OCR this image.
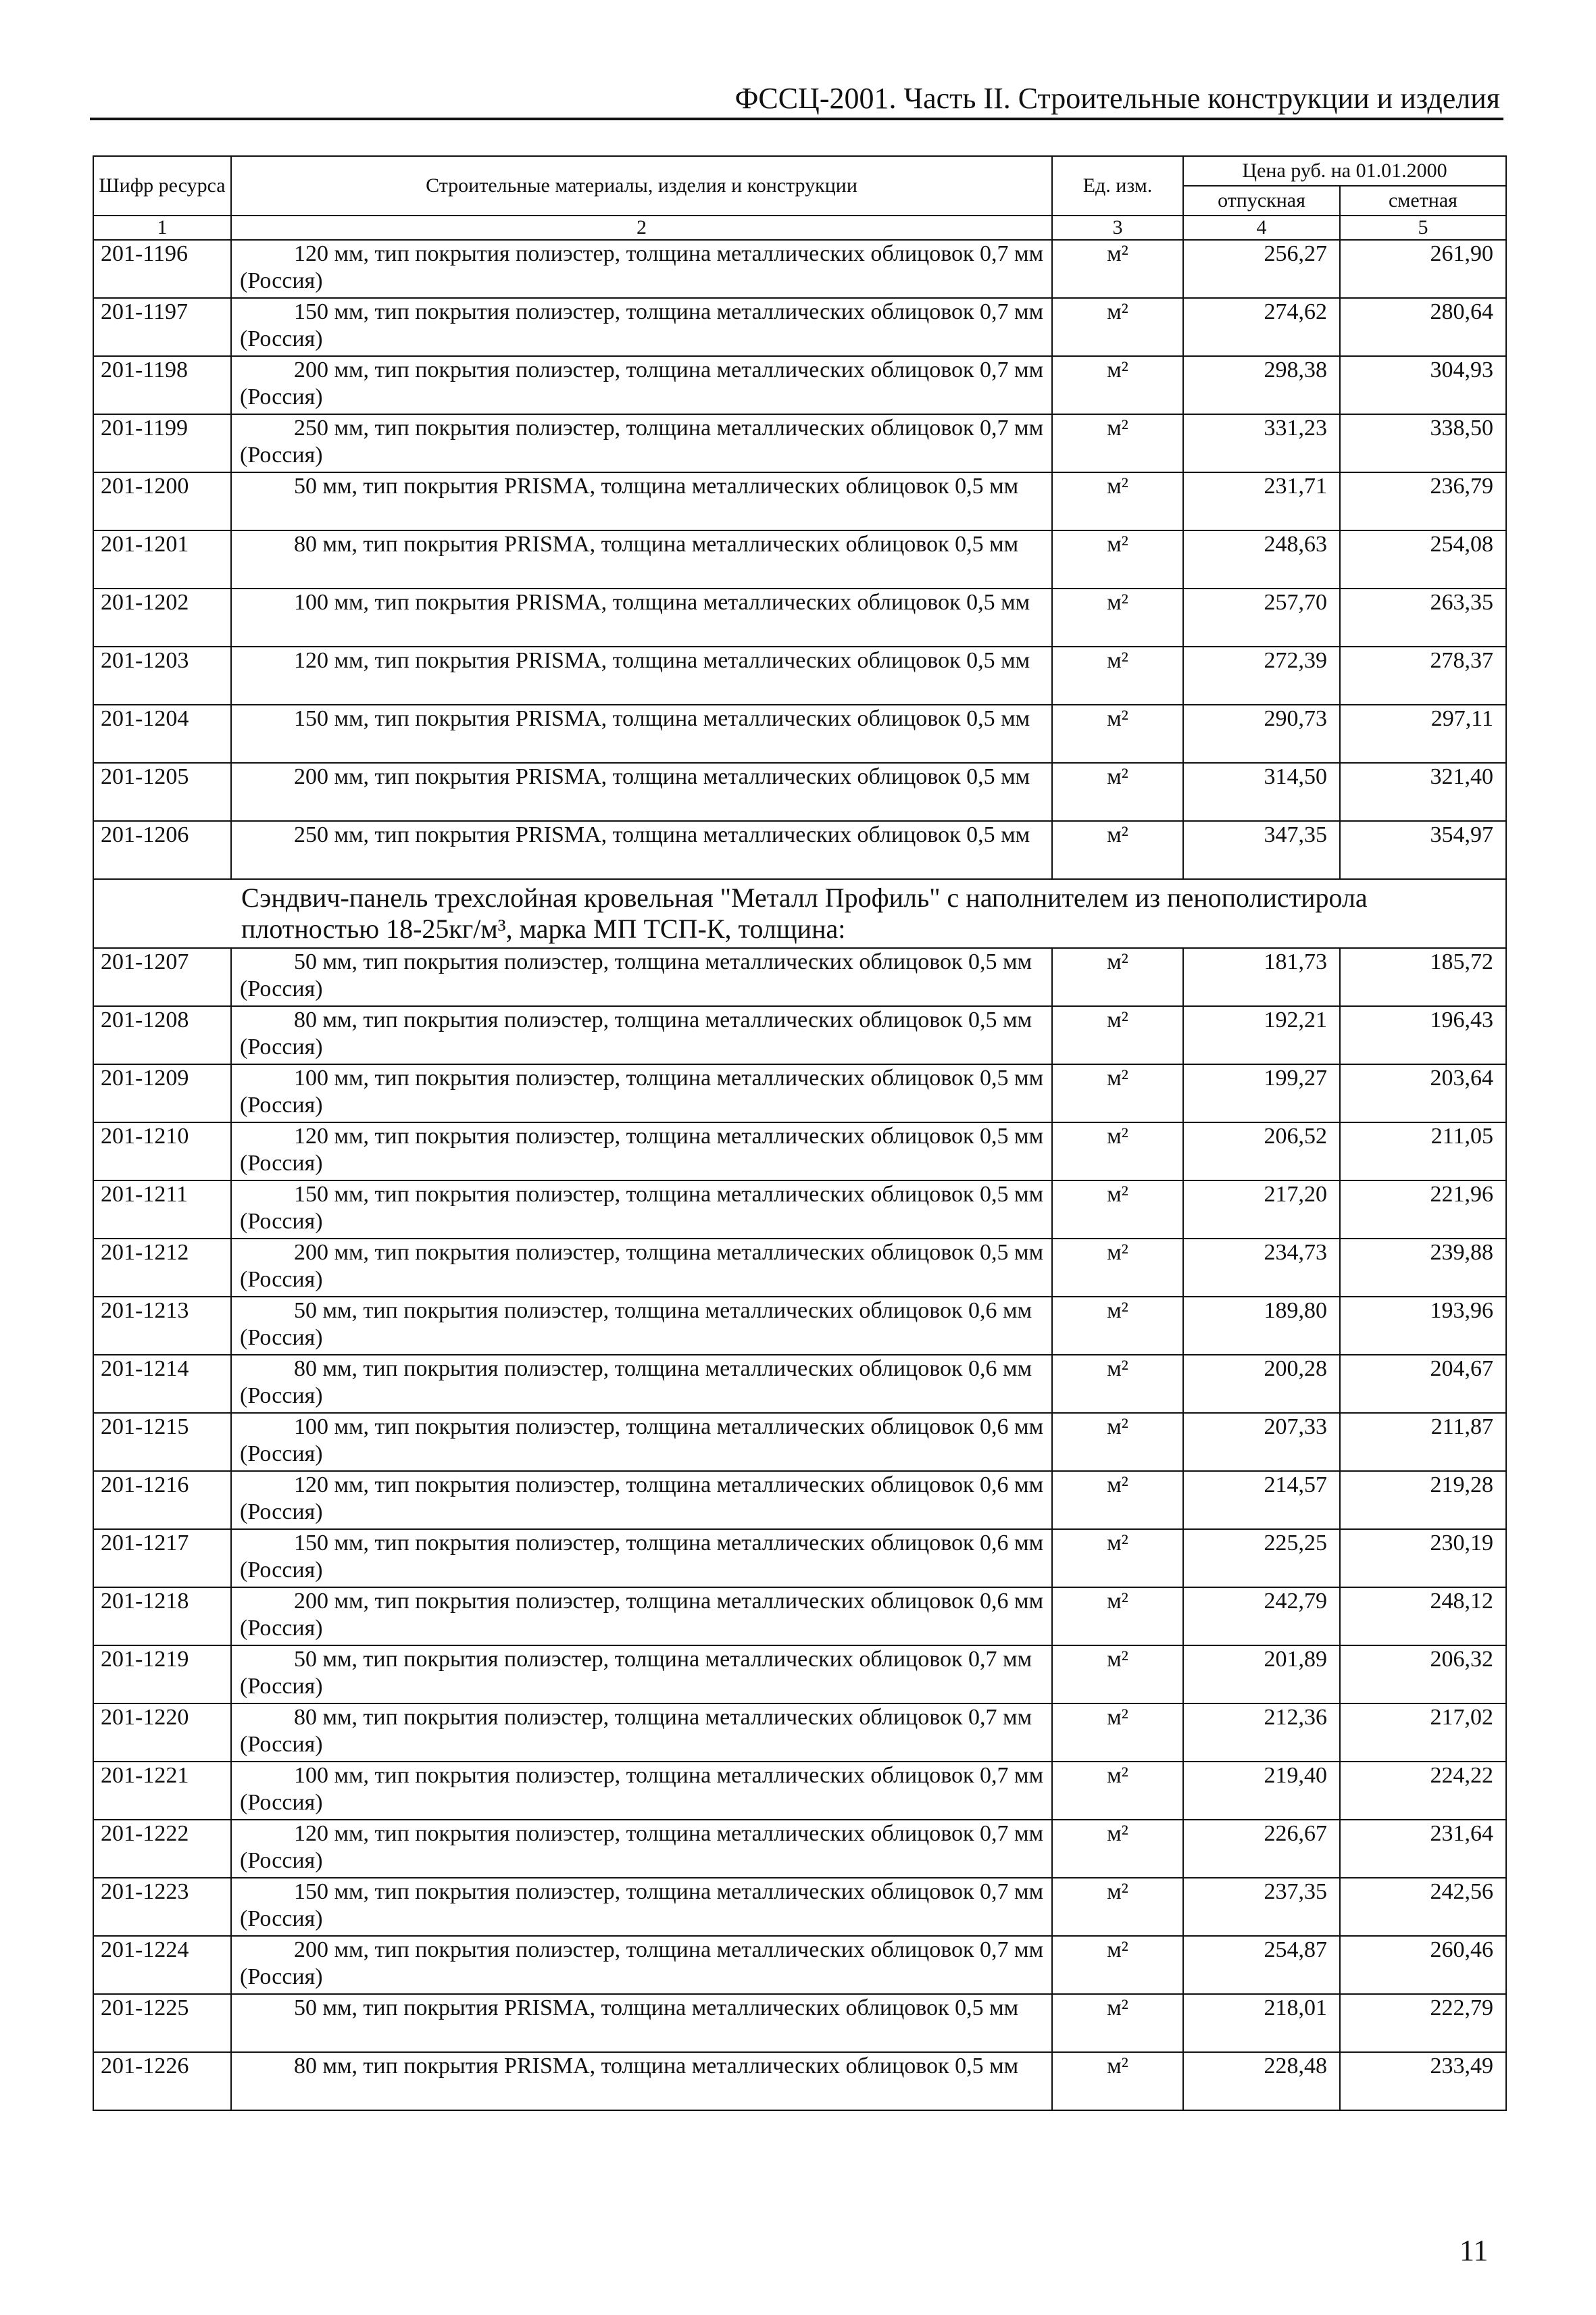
ФССЦ-2001. Часть II. Строительные конструкции и изделия
Шифр ресурса	Строительные материалы, изделия и конструкции	Ед. изм.	Цена руб. на 01.01.2000	
			отпускная	сметная
1	2	3	4	5
201-1196	120 мм, тип покрытия полиэстер, толщина металлических облицовок 0,7 мм (Россия)	м²	256,27	261,90
201-1197	150 мм, тип покрытия полиэстер, толщина металлических облицовок 0,7 мм (Россия)	м²	274,62	280,64
201-1198	200 мм, тип покрытия полиэстер, толщина металлических облицовок 0,7 мм (Россия)	м²	298,38	304,93
201-1199	250 мм, тип покрытия полиэстер, толщина металлических облицовок 0,7 мм (Россия)	м²	331,23	338,50
201-1200	50 мм, тип покрытия PRISMA, толщина металлических облицовок 0,5 мм	м²	231,71	236,79
201-1201	80 мм, тип покрытия PRISMA, толщина металлических облицовок 0,5 мм	м²	248,63	254,08
201-1202	100 мм, тип покрытия PRISMA, толщина металлических облицовок 0,5 мм	м²	257,70	263,35
201-1203	120 мм, тип покрытия PRISMA, толщина металлических облицовок 0,5 мм	м²	272,39	278,37
201-1204	150 мм, тип покрытия PRISMA, толщина металлических облицовок 0,5 мм	м²	290,73	297,11
201-1205	200 мм, тип покрытия PRISMA, толщина металлических облицовок 0,5 мм	м²	314,50	321,40
201-1206	250 мм, тип покрытия PRISMA, толщина металлических облицовок 0,5 мм	м²	347,35	354,97

Сэндвич-панель трехслойная кровельная "Металл Профиль" с наполнителем из пенополистирола плотностью 18-25кг/м³, марка МП ТСП-К, толщина:				

201-1207	50 мм, тип покрытия полиэстер, толщина металлических облицовок 0,5 мм (Россия)	м²	181,73	185,72
201-1208	80 мм, тип покрытия полиэстер, толщина металлических облицовок 0,5 мм (Россия)	м²	192,21	196,43
201-1209	100 мм, тип покрытия полиэстер, толщина металлических облицовок 0,5 мм (Россия)	м²	199,27	203,64
201-1210	120 мм, тип покрытия полиэстер, толщина металлических облицовок 0,5 мм (Россия)	м²	206,52	211,05
201-1211	150 мм, тип покрытия полиэстер, толщина металлических облицовок 0,5 мм (Россия)	м²	217,20	221,96
201-1212	200 мм, тип покрытия полиэстер, толщина металлических облицовок 0,5 мм (Россия)	м²	234,73	239,88
201-1213	50 мм, тип покрытия полиэстер, толщина металлических облицовок 0,6 мм (Россия)	м²	189,80	193,96
201-1214	80 мм, тип покрытия полиэстер, толщина металлических облицовок 0,6 мм (Россия)	м²	200,28	204,67
201-1215	100 мм, тип покрытия полиэстер, толщина металлических облицовок 0,6 мм (Россия)	м²	207,33	211,87
201-1216	120 мм, тип покрытия полиэстер, толщина металлических облицовок 0,6 мм (Россия)	м²	214,57	219,28
201-1217	150 мм, тип покрытия полиэстер, толщина металлических облицовок 0,6 мм (Россия)	м²	225,25	230,19
201-1218	200 мм, тип покрытия полиэстер, толщина металлических облицовок 0,6 мм (Россия)	м²	242,79	248,12
201-1219	50 мм, тип покрытия полиэстер, толщина металлических облицовок 0,7 мм (Россия)	м²	201,89	206,32
201-1220	80 мм, тип покрытия полиэстер, толщина металлических облицовок 0,7 мм (Россия)	м²	212,36	217,02
201-1221	100 мм, тип покрытия полиэстер, толщина металлических облицовок 0,7 мм (Россия)	м²	219,40	224,22
201-1222	120 мм, тип покрытия полиэстер, толщина металлических облицовок 0,7 мм (Россия)	м²	226,67	231,64
201-1223	150 мм, тип покрытия полиэстер, толщина металлических облицовок 0,7 мм (Россия)	м²	237,35	242,56
201-1224	200 мм, тип покрытия полиэстер, толщина металлических облицовок 0,7 мм (Россия)	м²	254,87	260,46
201-1225	50 мм, тип покрытия PRISMA, толщина металлических облицовок 0,5 мм	м²	218,01	222,79
201-1226	80 мм, тип покрытия PRISMA, толщина металлических облицовок 0,5 мм	м²	228,48	233,49
11
